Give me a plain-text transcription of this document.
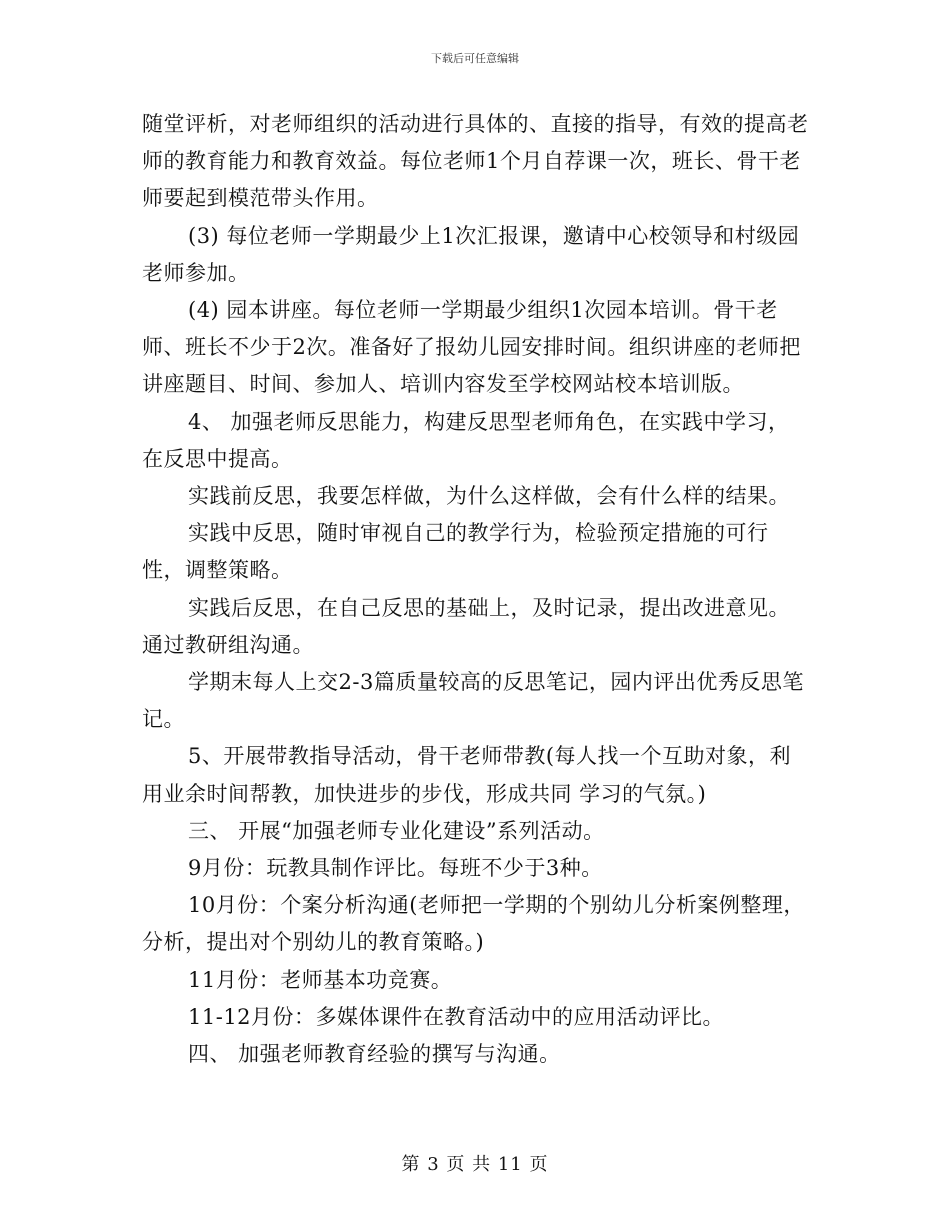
下载后可任意编辑

随堂评析，对老师组织的活动进行具体的、直接的指导，有效的提高老师的教育能力和教育效益。每位老师1个月自荐课一次，班长、骨干老师要起到模范带头作用。

(3) 每位老师一学期最少上1次汇报课，邀请中心校领导和村级园老师参加。

(4) 园本讲座。每位老师一学期最少组织1次园本培训。骨干老师、班长不少于2次。准备好了报幼儿园安排时间。组织讲座的老师把讲座题目、时间、参加人、培训内容发至学校网站校本培训版。

4、 加强老师反思能力，构建反思型老师角色，在实践中学习，在反思中提高。

实践前反思，我要怎样做，为什么这样做，会有什么样的结果。

实践中反思，随时审视自己的教学行为，检验预定措施的可行性，调整策略。

实践后反思，在自己反思的基础上，及时记录，提出改进意见。通过教研组沟通。

学期末每人上交2-3篇质量较高的反思笔记，园内评出优秀反思笔记。

5、开展带教指导活动，骨干老师带教(每人找一个互助对象，利用业余时间帮教，加快进步的步伐，形成共同 学习的气氛。)

三、 开展“加强老师专业化建设”系列活动。

9月份：玩教具制作评比。每班不少于3种。

10月份：个案分析沟通(老师把一学期的个别幼儿分析案例整理，分析，提出对个别幼儿的教育策略。)

11月份：老师基本功竞赛。

11-12月份：多媒体课件在教育活动中的应用活动评比。

四、 加强老师教育经验的撰写与沟通。

第 3 页 共 11 页
